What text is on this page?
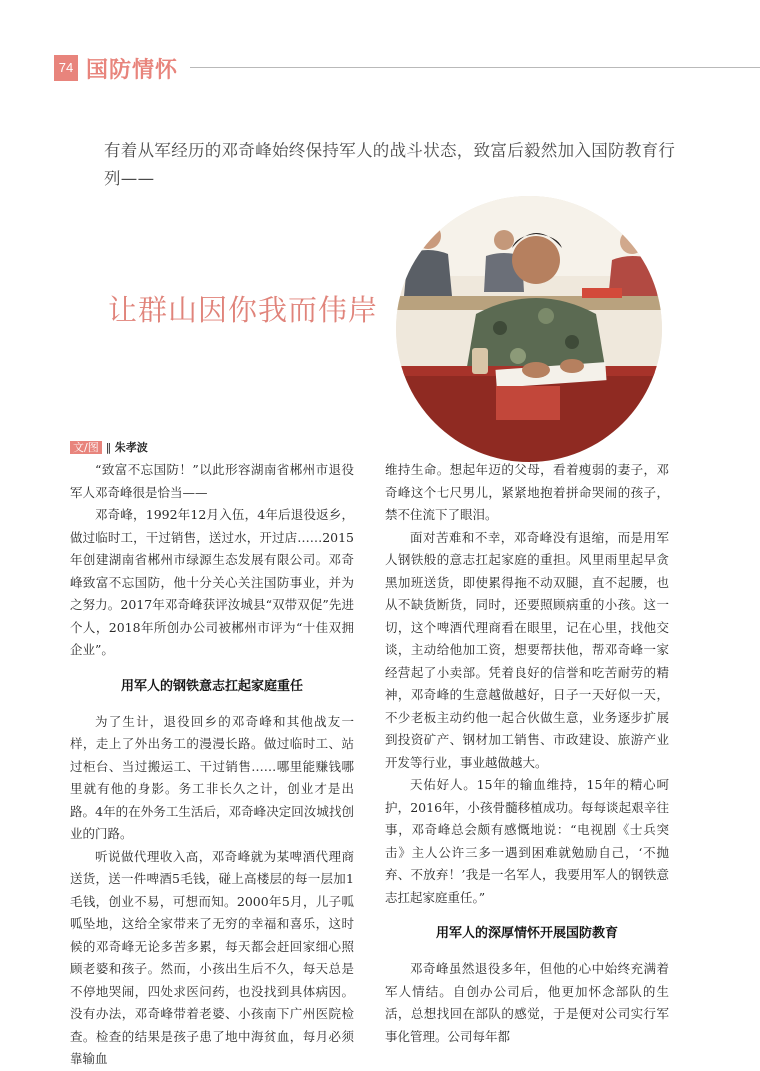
74 国防情怀
有着从军经历的邓奇峰始终保持军人的战斗状态，致富后毅然加入国防教育行列——
让群山因你我而伟岸
文/图 ‖ 朱孝波

“致富不忘国防！”以此形容湖南省郴州市退役军人邓奇峰很是恰当——

邓奇峰，1992年12月入伍，4年后退役返乡，做过临时工，干过销售，送过水，开过店……2015年创建湖南省郴州市绿源生态发展有限公司。邓奇峰致富不忘国防，他十分关心关注国防事业，并为之努力。2017年邓奇峰获评汝城县“双带双促”先进个人，2018年所创办公司被郴州市评为“十佳双拥企业”。

用军人的钢铁意志扛起家庭重任

为了生计，退役回乡的邓奇峰和其他战友一样，走上了外出务工的漫漫长路。做过临时工、站过柜台、当过搬运工、干过销售……哪里能赚钱哪里就有他的身影。务工非长久之计，创业才是出路。4年的在外务工生活后，邓奇峰决定回汝城找创业的门路。

听说做代理收入高，邓奇峰就为某啤酒代理商送货，送一件啤酒5毛钱，碰上高楼层的每一层加1毛钱，创业不易，可想而知。2000年5月，儿子呱呱坠地，这给全家带来了无穷的幸福和喜乐，这时候的邓奇峰无论多苦多累，每天都会赶回家细心照顾老婆和孩子。然而，小孩出生后不久，每天总是不停地哭闹，四处求医问药，也没找到具体病因。没有办法，邓奇峰带着老婆、小孩南下广州医院检查。检查的结果是孩子患了地中海贫血，每月必须靠输血

维持生命。想起年迈的父母，看着瘦弱的妻子，邓奇峰这个七尺男儿，紧紧地抱着拼命哭闹的孩子，禁不住流下了眼泪。

面对苦难和不幸，邓奇峰没有退缩，而是用军人钢铁般的意志扛起家庭的重担。风里雨里起早贪黑加班送货，即使累得拖不动双腿，直不起腰，也从不缺货断货，同时，还要照顾病重的小孩。这一切，这个啤酒代理商看在眼里，记在心里，找他交谈，主动给他加工资，想要帮扶他，帮邓奇峰一家经营起了小卖部。凭着良好的信誉和吃苦耐劳的精神，邓奇峰的生意越做越好，日子一天好似一天，不少老板主动约他一起合伙做生意，业务逐步扩展到投资矿产、钢材加工销售、市政建设、旅游产业开发等行业，事业越做越大。

天佑好人。15年的输血维持，15年的精心呵护，2016年，小孩骨髓移植成功。每每谈起艰辛往事，邓奇峰总会颇有感慨地说：“电视剧《士兵突击》主人公许三多一遇到困难就勉励自己，‘不抛弃、不放弃！’我是一名军人，我要用军人的钢铁意志扛起家庭重任。”

用军人的深厚情怀开展国防教育

邓奇峰虽然退役多年，但他的心中始终充满着军人情结。自创办公司后，他更加怀念部队的生活，总想找回在部队的感觉，于是便对公司实行军事化管理。公司每年都
